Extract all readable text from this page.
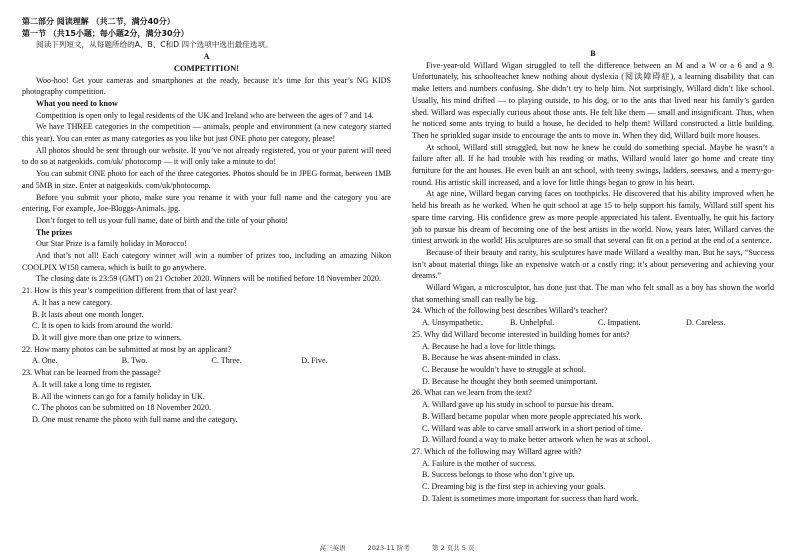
第二部分 阅读理解 （共二节，满分40分）

第一节 （共15小题；每小题2分，满分30分）

阅读下列短文，从每题所给的A、B、C和D 四个选项中选出最佳选项。

A

COMPETITION!

Woo-hoo! Get your cameras and smartphones at the ready, because it’s time for this year’s NG KIDS photography competition.

What you need to know

Competition is open only to legal residents of the UK and Ireland who are between the ages of 7 and 14.

We have THREE categories in the competition — animals, people and environment (a new category started this year). You can enter as many categories as you like but just ONE photo per category, please!

All photos should be sent through our website. If you’ve not already registered, you or your parent will need to do so at natgeokids. com/uk/ photocomp — it will only take a minute to do!

You can submit ONE photo for each of the three categories. Photos should be in JPEG format, between 1MB and 5MB in size. Enter at natgeokids. com/uk/photocomp.

Before you submit your photo, make sure you rename it with your full name and the category you are entering. For example, Joe-Bloggs-Animals. jpg.

Don’t forget to tell us your full name, date of birth and the title of your photo!

The prizes

Our Star Prize is a family holiday in Morocco!

And that’s not all! Each category winner will win a number of prizes too, including an amazing Nikon COOLPIX W150 camera, which is built to go anywhere.

The closing date is 23:59 (GMT) on 21 October 2020. Winners will be notified before 18 November 2020.

21. How is this year’s competition different from that of last year?

A. It has a new category.

B. It lasts about one month longer.

C. It is open to kids from around the world.

D. It will give more than one prize to winners.

22. How many photos can be submitted at most by an applicant?

A. One.	B. Two.	C. Three.	D. Five.

23. What can be learned from the passage?

A. It will take a long time to register.

B. All the winners can go for a family holiday in UK.

C. The photos can be submitted on 18 November 2020.

D. One must rename the photo with full name and the category.

B

Five-year-old Willard Wigan struggled to tell the difference between an M and a W or a 6 and a 9. Unfortunately, his schoolteacher knew nothing about dyslexia (阅读障碍症), a learning disability that can make letters and numbers confusing. She didn’t try to help him. Not surprisingly, Willard didn’t like school. Usually, his mind drifted — to playing outside, to his dog, or to the ants that lived near his family’s garden shed. Willard was especially curious about those ants. He felt like them — small and insignificant. Thus, when he noticed some ants trying to build a house, he decided to help them! Willard constructed a little building. Then he sprinkled sugar inside to encourage the ants to move in. When they did, Willard built more houses.

At school, Willard still struggled, but now he knew he could do something special. Maybe he wasn’t a failure after all. If he had trouble with his reading or maths, Willard would later go home and create tiny furniture for the ant houses. He even built an ant school, with teeny swings, ladders, seesaws, and a merry-go-round. His artistic skill increased, and a love for little things began to grow in his heart.

At age nine, Willard began carving faces on toothpicks. He discovered that his ability improved when he held his breath as he worked. When he quit school at age 15 to help support his family, Willard still spent his spare time carving. His confidence grew as more people appreciated his talent. Eventually, he quit his factory job to pursue his dream of becoming one of the best artists in the world. Now, years later, Willard carves the tiniest artwork in the world! His sculptures are so small that several can fit on a period at the end of a sentence.

Because of their beauty and rarity, his sculptures have made Willard a wealthy man. But he says, “Success isn’t about material things like an expensive watch or a costly ring; it’s about persevering and achieving your dreams.”

Willard Wigan, a microsculptor, has done just that. The man who felt small as a boy has shown the world that something small can really be big.

24. Which of the following best describes Willard’s teacher?

A. Unsympathetic.	B. Unhelpful.	C. Impatient.	D. Careless.

25. Why did Willard become interested in building homes for ants?

A. Because he had a love for little things.

B. Because he was absent-minded in class.

C. Because he wouldn’t have to struggle at school.

D. Because he thought they both seemed unimportant.

26. What can we learn from the text?

A. Willard gave up his study in school to pursue his dream.

B. Willard became popular when more people appreciated his work.

C. Willard was able to carve small artwork in a short period of time.

D. Willard found a way to make better artwork when he was at school.

27. Which of the following may Willard agree with?

A. Failure is the mother of success.

B. Success belongs to those who don’t give up.

C. Dreaming big is the first step in achieving your goals.

D. Talent is sometimes more important for success than hard work.

高三英语	2023-11 阶考	第 2 页共 5 页
